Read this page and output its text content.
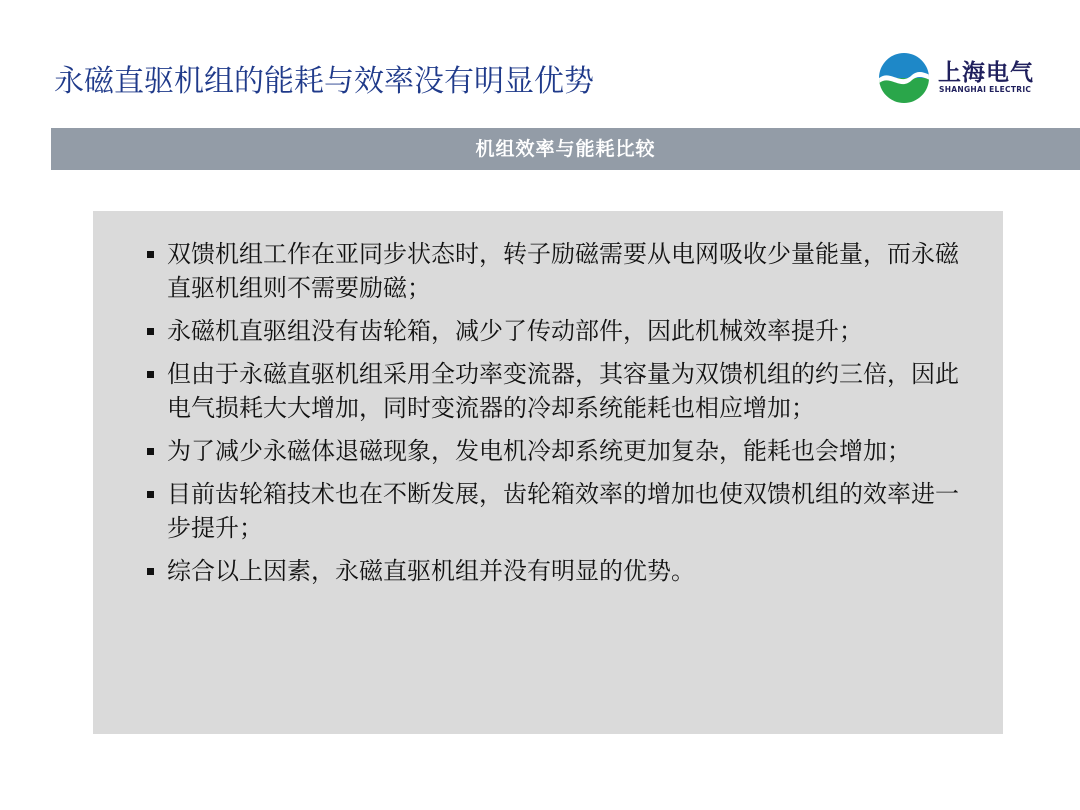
永磁直驱机组的能耗与效率没有明显优势	上海电气
SHANGHAI ELECTRIC
机组效率与能耗比较
双馈机组工作在亚同步状态时，转子励磁需要从电网吸收少量能量，而永磁直驱机组则不需要励磁；
永磁机直驱组没有齿轮箱，减少了传动部件，因此机械效率提升；
但由于永磁直驱机组采用全功率变流器，其容量为双馈机组的约三倍，因此电气损耗大大增加，同时变流器的冷却系统能耗也相应增加；
为了减少永磁体退磁现象，发电机冷却系统更加复杂，能耗也会增加；
目前齿轮箱技术也在不断发展，齿轮箱效率的增加也使双馈机组的效率进一步提升；
综合以上因素，永磁直驱机组并没有明显的优势。
